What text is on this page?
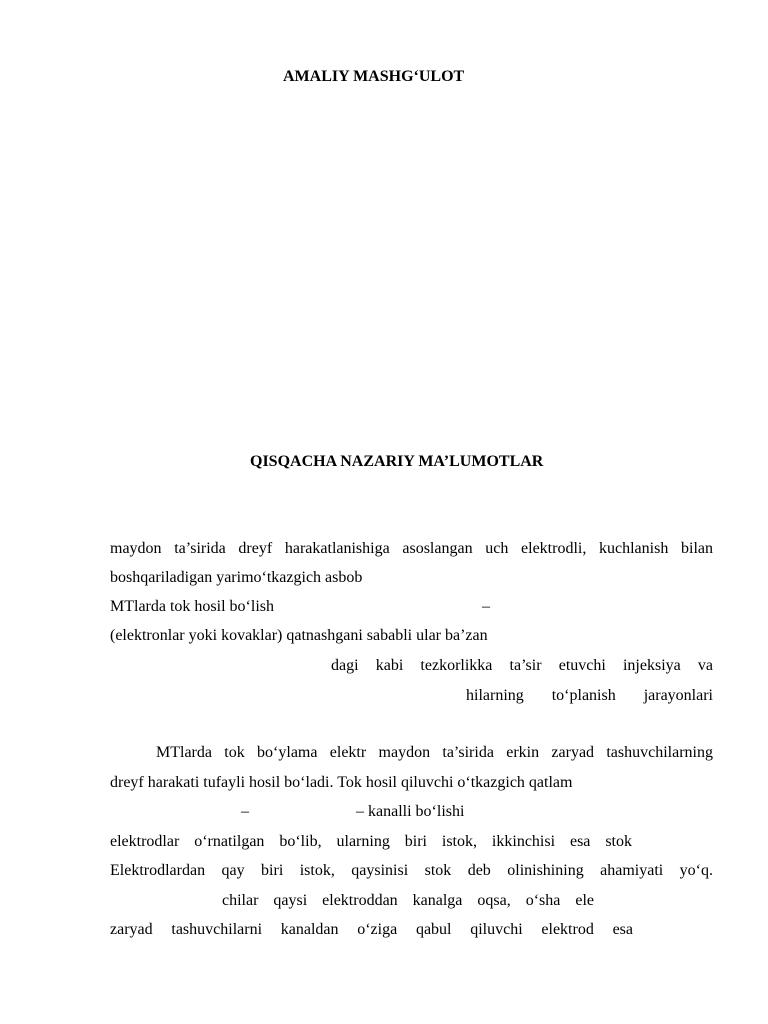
AMALIY MASHG‘ULOT
QISQACHA NAZARIY MA’LUMOTLAR
maydon ta’sirida dreyf harakatlanishiga asoslangan uch elektrodli, kuchlanish bilan
boshqariladigan yarimo‘tkazgich asbob
MTlarda tok hosil bo‘lish	–
(elektronlar yoki kovaklar) qatnashgani sababli ular ba’zan
dagi kabi tezkorlikka ta’sir etuvchi injeksiya va
hilarning to‘planish jarayonlari
MTlarda tok bo‘ylama elektr maydon ta’sirida erkin zaryad tashuvchilarning
dreyf harakati tufayli hosil bo‘ladi. Tok hosil qiluvchi o‘tkazgich qatlam
–	– kanalli bo‘lishi
elektrodlar o‘rnatilgan bo‘lib, ularning biri istok, ikkinchisi esa stok
Elektrodlardan qay biri istok, qaysinisi stok deb olinishining ahamiyati yo‘q.
chilar qaysi elektroddan kanalga oqsa, o‘sha ele
zaryad tashuvchilarni kanaldan o‘ziga qabul qiluvchi elektrod esa
